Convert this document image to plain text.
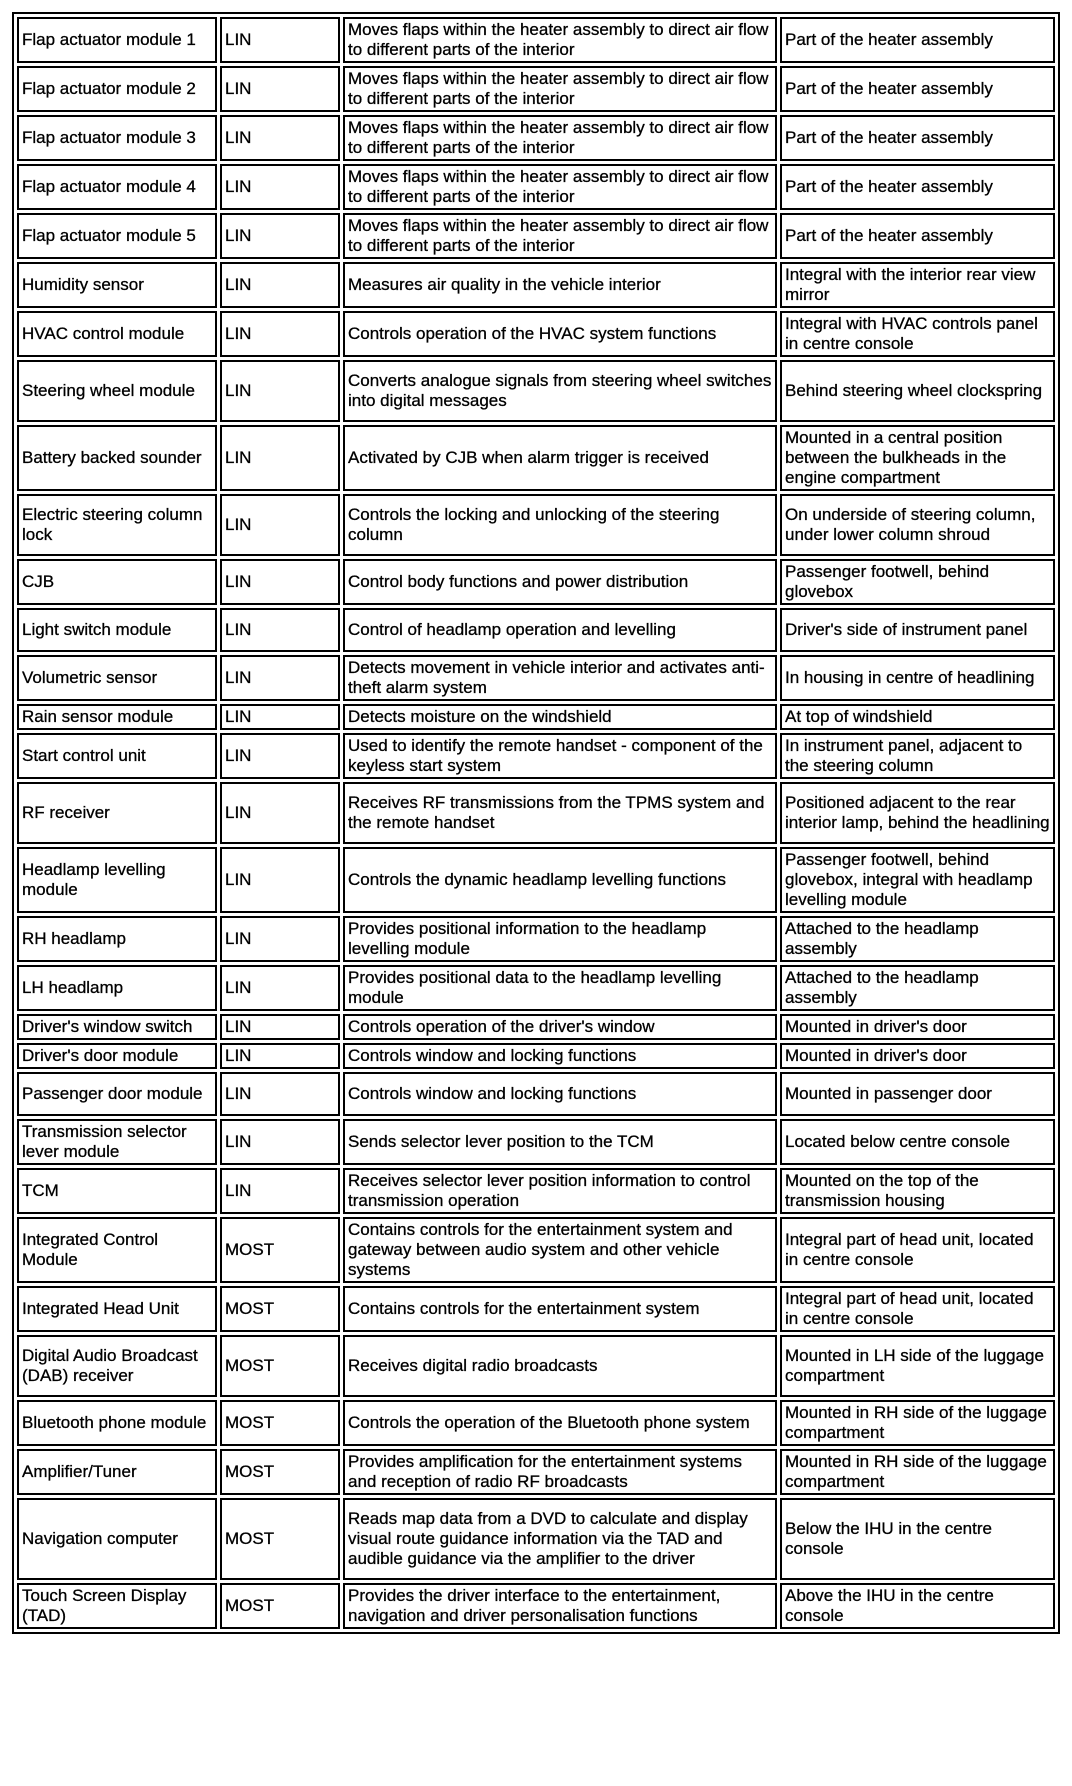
Flap actuator module 1	LIN	Moves flaps within the heater assembly to direct air flow to different parts of the interior	Part of the heater assembly
Flap actuator module 2	LIN	Moves flaps within the heater assembly to direct air flow to different parts of the interior	Part of the heater assembly
Flap actuator module 3	LIN	Moves flaps within the heater assembly to direct air flow to different parts of the interior	Part of the heater assembly
Flap actuator module 4	LIN	Moves flaps within the heater assembly to direct air flow to different parts of the interior	Part of the heater assembly
Flap actuator module 5	LIN	Moves flaps within the heater assembly to direct air flow to different parts of the interior	Part of the heater assembly
Humidity sensor	LIN	Measures air quality in the vehicle interior	Integral with the interior rear view mirror
HVAC control module	LIN	Controls operation of the HVAC system functions	Integral with HVAC controls panel in centre console
Steering wheel module	LIN	Converts analogue signals from steering wheel switches into digital messages	Behind steering wheel clockspring
Battery backed sounder	LIN	Activated by CJB when alarm trigger is received	Mounted in a central position between the bulkheads in the engine compartment
Electric steering column lock	LIN	Controls the locking and unlocking of the steering column	On underside of steering column, under lower column shroud
CJB	LIN	Control body functions and power distribution	Passenger footwell, behind glovebox
Light switch module	LIN	Control of headlamp operation and levelling	Driver's side of instrument panel
Volumetric sensor	LIN	Detects movement in vehicle interior and activates anti-theft alarm system	In housing in centre of headlining
Rain sensor module	LIN	Detects moisture on the windshield	At top of windshield
Start control unit	LIN	Used to identify the remote handset - component of the keyless start system	In instrument panel, adjacent to the steering column
RF receiver	LIN	Receives RF transmissions from the TPMS system and the remote handset	Positioned adjacent to the rear interior lamp, behind the headlining
Headlamp levelling module	LIN	Controls the dynamic headlamp levelling functions	Passenger footwell, behind glovebox, integral with headlamp levelling module
RH headlamp	LIN	Provides positional information to the headlamp levelling module	Attached to the headlamp assembly
LH headlamp	LIN	Provides positional data to the headlamp levelling module	Attached to the headlamp assembly
Driver's window switch	LIN	Controls operation of the driver's window	Mounted in driver's door
Driver's door module	LIN	Controls window and locking functions	Mounted in driver's door
Passenger door module	LIN	Controls window and locking functions	Mounted in passenger door
Transmission selector lever module	LIN	Sends selector lever position to the TCM	Located below centre console
TCM	LIN	Receives selector lever position information to control transmission operation	Mounted on the top of the transmission housing
Integrated Control Module	MOST	Contains controls for the entertainment system and gateway between audio system and other vehicle systems	Integral part of head unit, located in centre console
Integrated Head Unit	MOST	Contains controls for the entertainment system	Integral part of head unit, located in centre console
Digital Audio Broadcast (DAB) receiver	MOST	Receives digital radio broadcasts	Mounted in LH side of the luggage compartment
Bluetooth phone module	MOST	Controls the operation of the Bluetooth phone system	Mounted in RH side of the luggage compartment
Amplifier/Tuner	MOST	Provides amplification for the entertainment systems and reception of radio RF broadcasts	Mounted in RH side of the luggage compartment
Navigation computer	MOST	Reads map data from a DVD to calculate and display visual route guidance information via the TAD and audible guidance via the amplifier to the driver	Below the IHU in the centre console
Touch Screen Display (TAD)	MOST	Provides the driver interface to the entertainment, navigation and driver personalisation functions	Above the IHU in the centre console
